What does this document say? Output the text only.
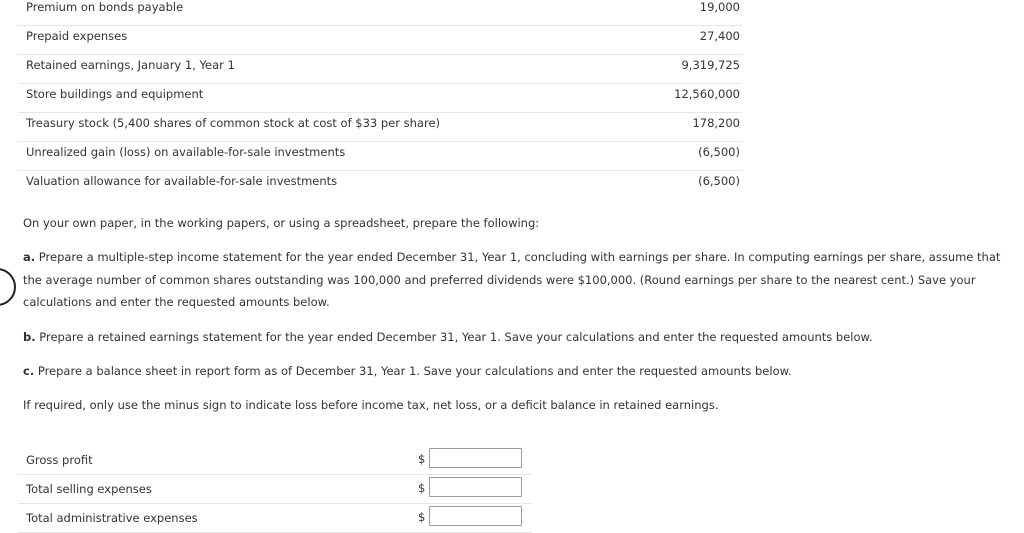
Premium on bonds payable	19,000
Prepaid expenses	27,400
Retained earnings, January 1, Year 1	9,319,725
Store buildings and equipment	12,560,000
Treasury stock (5,400 shares of common stock at cost of $33 per share)	178,200
Unrealized gain (loss) on available-for-sale investments	(6,500)
Valuation allowance for available-for-sale investments	(6,500)
On your own paper, in the working papers, or using a spreadsheet, prepare the following:
a. Prepare a multiple-step income statement for the year ended December 31, Year 1, concluding with earnings per share. In computing earnings per share, assume that
the average number of common shares outstanding was 100,000 and preferred dividends were $100,000. (Round earnings per share to the nearest cent.) Save your
calculations and enter the requested amounts below.
b. Prepare a retained earnings statement for the year ended December 31, Year 1. Save your calculations and enter the requested amounts below.
c. Prepare a balance sheet in report form as of December 31, Year 1. Save your calculations and enter the requested amounts below.
If required, only use the minus sign to indicate loss before income tax, net loss, or a deficit balance in retained earnings.
Gross profit	$
Total selling expenses	$
Total administrative expenses	$
